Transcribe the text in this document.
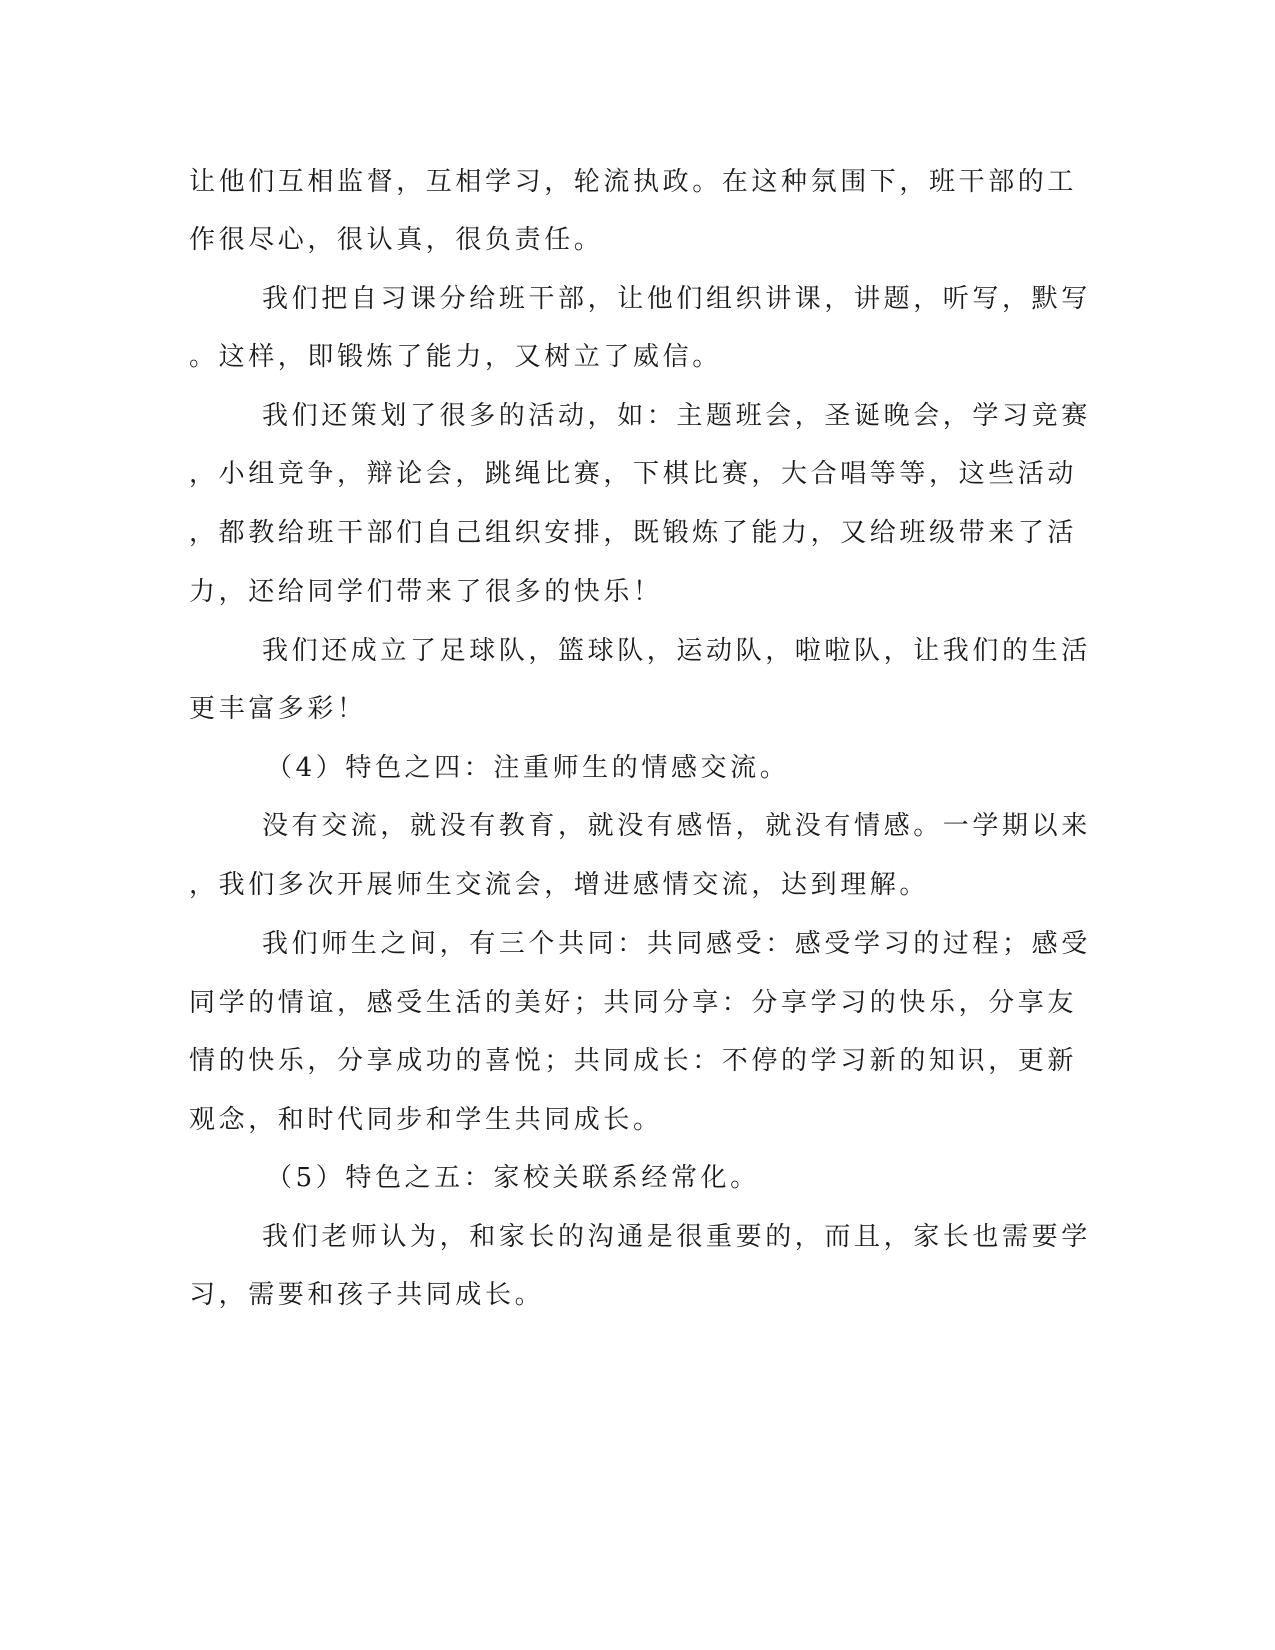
让他们互相监督，互相学习，轮流执政。在这种氛围下，班干部的工
作很尽心，很认真，很负责任。
我们把自习课分给班干部，让他们组织讲课，讲题，听写，默写
。这样，即锻炼了能力，又树立了威信。
我们还策划了很多的活动，如：主题班会，圣诞晚会，学习竞赛
，小组竞争，辩论会，跳绳比赛，下棋比赛，大合唱等等，这些活动
，都教给班干部们自己组织安排，既锻炼了能力，又给班级带来了活
力，还给同学们带来了很多的快乐！
我们还成立了足球队，篮球队，运动队，啦啦队，让我们的生活
更丰富多彩！
（4）特色之四：注重师生的情感交流。
没有交流，就没有教育，就没有感悟，就没有情感。一学期以来
，我们多次开展师生交流会，增进感情交流，达到理解。
我们师生之间，有三个共同：共同感受：感受学习的过程；感受
同学的情谊，感受生活的美好；共同分享：分享学习的快乐，分享友
情的快乐，分享成功的喜悦；共同成长：不停的学习新的知识，更新
观念，和时代同步和学生共同成长。
（5）特色之五：家校关联系经常化。
我们老师认为，和家长的沟通是很重要的，而且，家长也需要学
习，需要和孩子共同成长。
